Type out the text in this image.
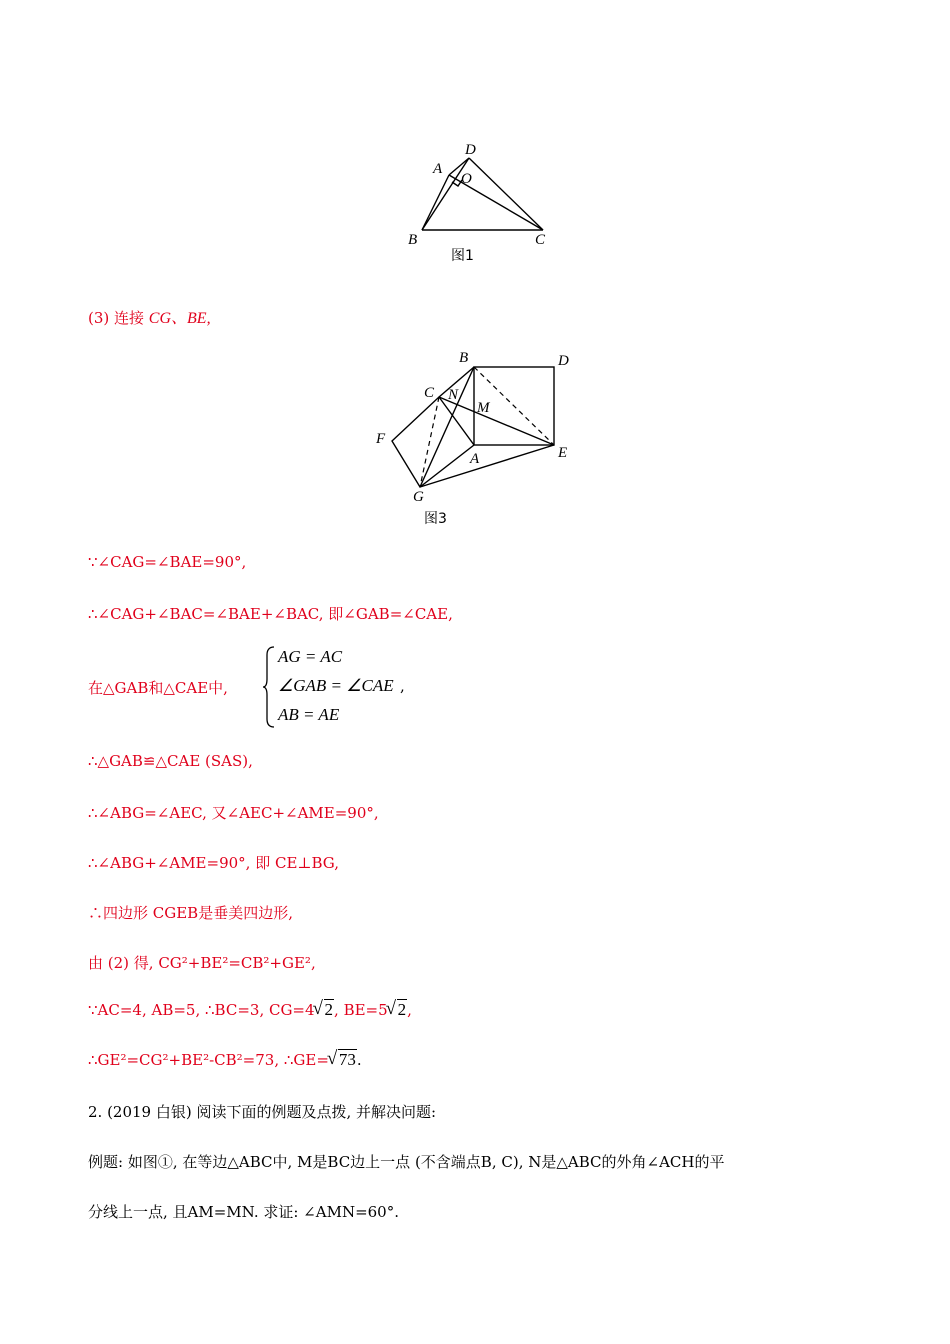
A
B	C
D
O
图1
(3) 连接 CG、BE,
B	D
C N
M
F
A	E
G
图3
∵∠CAG=∠BAE=90°,
∴∠CAG+∠BAC=∠BAE+∠BAC, 即∠GAB=∠CAE,
在△GAB和△CAE中,
AG = AC
∠GAB = ∠CAE
AB = AE
,
∴△GAB≌△CAE (SAS),
∴∠ABG=∠AEC, 又∠AEC+∠AME=90°,
∴∠ABG+∠AME=90°, 即 CE⊥BG,
∴四边形 CGEB是垂美四边形,
由 (2) 得, CG²+BE²=CB²+GE²,
∵AC=4, AB=5, ∴BC=3, CG=4 √ 2, BE=5 √ 2,
∴GE²=CG²+BE²-CB²=73, ∴GE= √ 73.
2. (2019 白银) 阅读下面的例题及点拨, 并解决问题:
例题: 如图①, 在等边△ABC中, M是BC边上一点 (不含端点B, C), N是△ABC的外角∠ACH的平
分线上一点, 且AM=MN. 求证: ∠AMN=60°.
